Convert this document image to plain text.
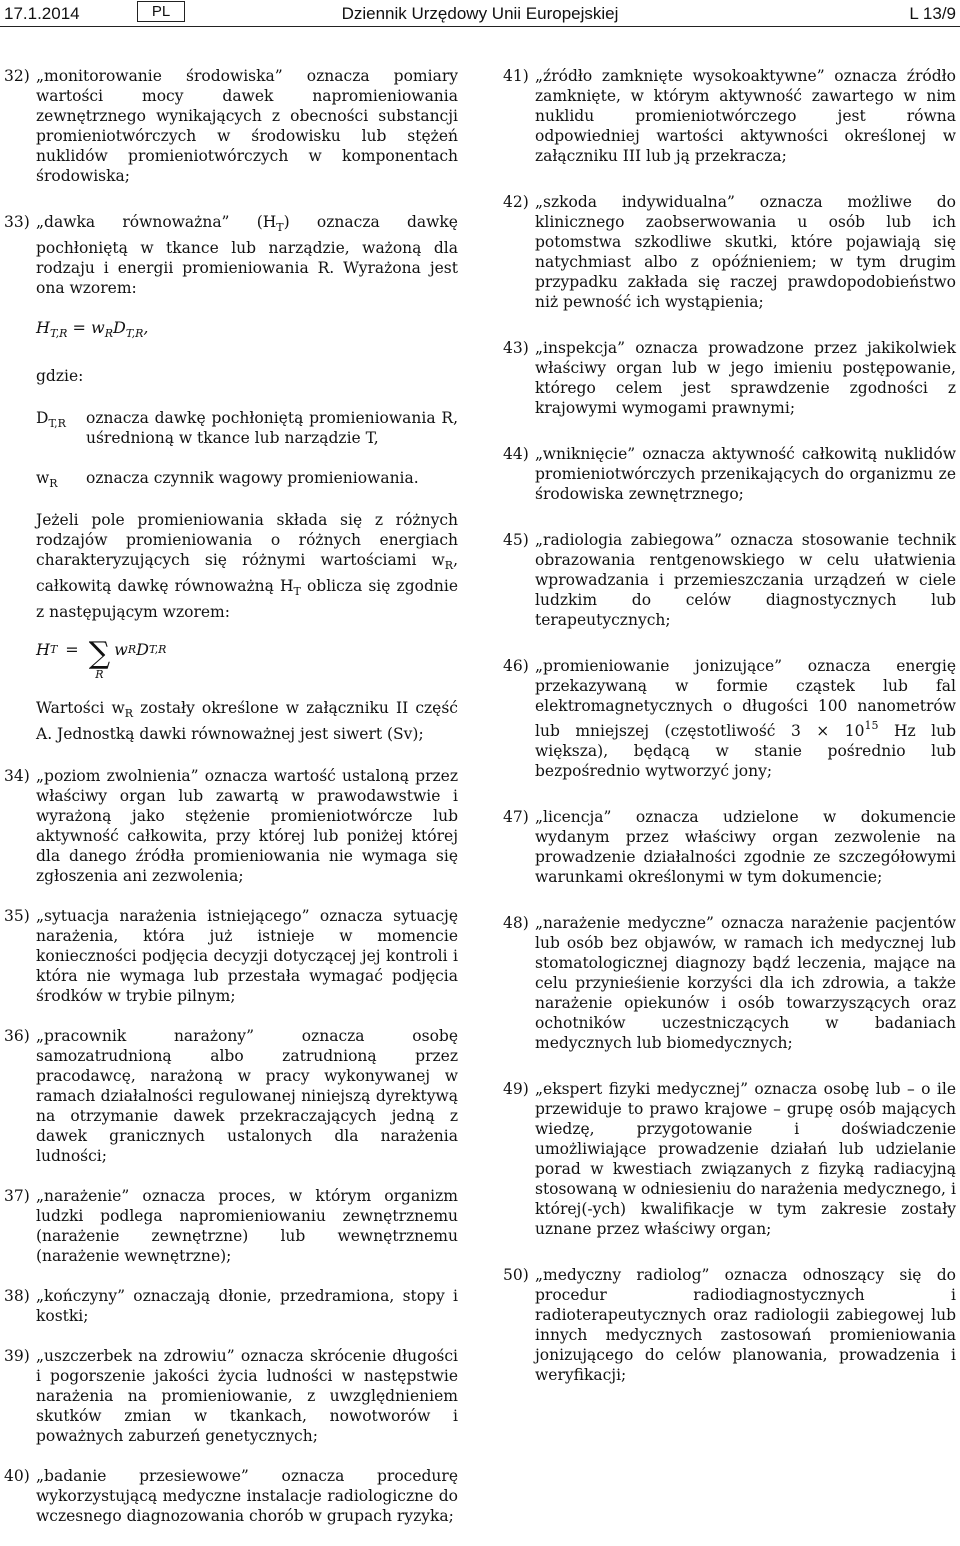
17.1.2014	PL	Dziennik Urzędowy Unii Europejskiej	L 13/9
32) „monitorowanie środowiska” oznacza pomiary wartości mocy dawek napromieniowania zewnętrznego wynikających z obecności substancji promieniotwórczych w środowisku lub stężeń nuklidów promieniotwórczych w komponentach środowiska;

33) „dawka równoważna” $(H_T)$ oznacza dawkę pochłoniętą w tkance lub narządzie, ważoną dla rodzaju i energii promieniowania R. Wyrażona jest ona wzorem:

$H_{T,R} = w_RD_{T,R}$,

gdzie:

$D_{T,R}$ oznacza dawkę pochłoniętą promieniowania R, uśrednioną w tkance lub narządzie T,
$w_R$ oznacza czynnik wagowy promieniowania.

Jeżeli pole promieniowania składa się z różnych rodzajów promieniowania o różnych energiach charakteryzujących się różnymi wartościami $w_R$, całkowitą dawkę równoważną $H_T$ oblicza się zgodnie z następującym wzorem:

H T = ∑
R
w R D T,R

Wartości $w_R$ zostały określone w załączniku II część A. Jednostką dawki równoważnej jest siwert (Sv);

34) „poziom zwolnienia” oznacza wartość ustaloną przez właściwy organ lub zawartą w prawodawstwie i wyrażoną jako stężenie promieniotwórcze lub aktywność całkowita, przy której lub poniżej której dla danego źródła promieniowania nie wymaga się zgłoszenia ani zezwolenia;

35) „sytuacja narażenia istniejącego” oznacza sytuację narażenia, która już istnieje w momencie konieczności podjęcia decyzji dotyczącej jej kontroli i która nie wymaga lub przestała wymagać podjęcia środków w trybie pilnym;

36) „pracownik narażony” oznacza osobę samozatrudnioną albo zatrudnioną przez pracodawcę, narażoną w pracy wykonywanej w ramach działalności regulowanej niniejszą dyrektywą na otrzymanie dawek przekraczających jedną z dawek granicznych ustalonych dla narażenia ludności;

37) „narażenie” oznacza proces, w którym organizm ludzki podlega napromieniowaniu zewnętrznemu (narażenie zewnętrzne) lub wewnętrznemu (narażenie wewnętrzne);

38) „kończyny” oznaczają dłonie, przedramiona, stopy i kostki;

39) „uszczerbek na zdrowiu” oznacza skrócenie długości i pogorszenie jakości życia ludności w następstwie narażenia na promieniowanie, z uwzględnieniem skutków zmian w tkankach, nowotworów i poważnych zaburzeń genetycznych;

40) „badanie przesiewowe” oznacza procedurę wykorzystującą medyczne instalacje radiologiczne do wczesnego diagnozowania chorób w grupach ryzyka;

41) „źródło zamknięte wysokoaktywne” oznacza źródło zamknięte, w którym aktywność zawartego w nim nuklidu promieniotwórczego jest równa odpowiedniej wartości aktywności określonej w załączniku III lub ją przekracza;

42) „szkoda indywidualna” oznacza możliwe do klinicznego zaobserwowania u osób lub ich potomstwa szkodliwe skutki, które pojawiają się natychmiast albo z opóźnieniem; w tym drugim przypadku zakłada się raczej prawdopodobieństwo niż pewność ich wystąpienia;

43) „inspekcja” oznacza prowadzone przez jakikolwiek właściwy organ lub w jego imieniu postępowanie, którego celem jest sprawdzenie zgodności z krajowymi wymogami prawnymi;

44) „wniknięcie” oznacza aktywność całkowitą nuklidów promieniotwórczych przenikających do organizmu ze środowiska zewnętrznego;

45) „radiologia zabiegowa” oznacza stosowanie technik obrazowania rentgenowskiego w celu ułatwienia wprowadzania i przemieszczania urządzeń w ciele ludzkim do celów diagnostycznych lub terapeutycznych;

46) „promieniowanie jonizujące” oznacza energię przekazywaną w formie cząstek lub fal elektromagnetycznych o długości 100 nanometrów lub mniejszej (częstotliwość $3 \times 10^{15}$ Hz lub większa), będącą w stanie pośrednio lub bezpośrednio wytworzyć jony;

47) „licencja” oznacza udzielone w dokumencie wydanym przez właściwy organ zezwolenie na prowadzenie działalności zgodnie ze szczegółowymi warunkami określonymi w tym dokumencie;

48) „narażenie medyczne” oznacza narażenie pacjentów lub osób bez objawów, w ramach ich medycznej lub stomatologicznej diagnozy bądź leczenia, mające na celu przynieśienie korzyści dla ich zdrowia, a także narażenie opiekunów i osób towarzyszących oraz ochotników uczestniczących w badaniach medycznych lub biomedycznych;

49) „ekspert fizyki medycznej” oznacza osobę lub – o ile przewiduje to prawo krajowe – grupę osób mających wiedzę, przygotowanie i doświadczenie umożliwiające prowadzenie działań lub udzielanie porad w kwestiach związanych z fizyką radiacyjną stosowaną w odniesieniu do narażenia medycznego, i której(-ych) kwalifikacje w tym zakresie zostały uznane przez właściwy organ;

50) „medyczny radiolog” oznacza odnoszący się do procedur radiodiagnostycznych i radioterapeutycznych oraz radiologii zabiegowej lub innych medycznych zastosowań promieniowania jonizującego do celów planowania, prowadzenia i weryfikacji;
